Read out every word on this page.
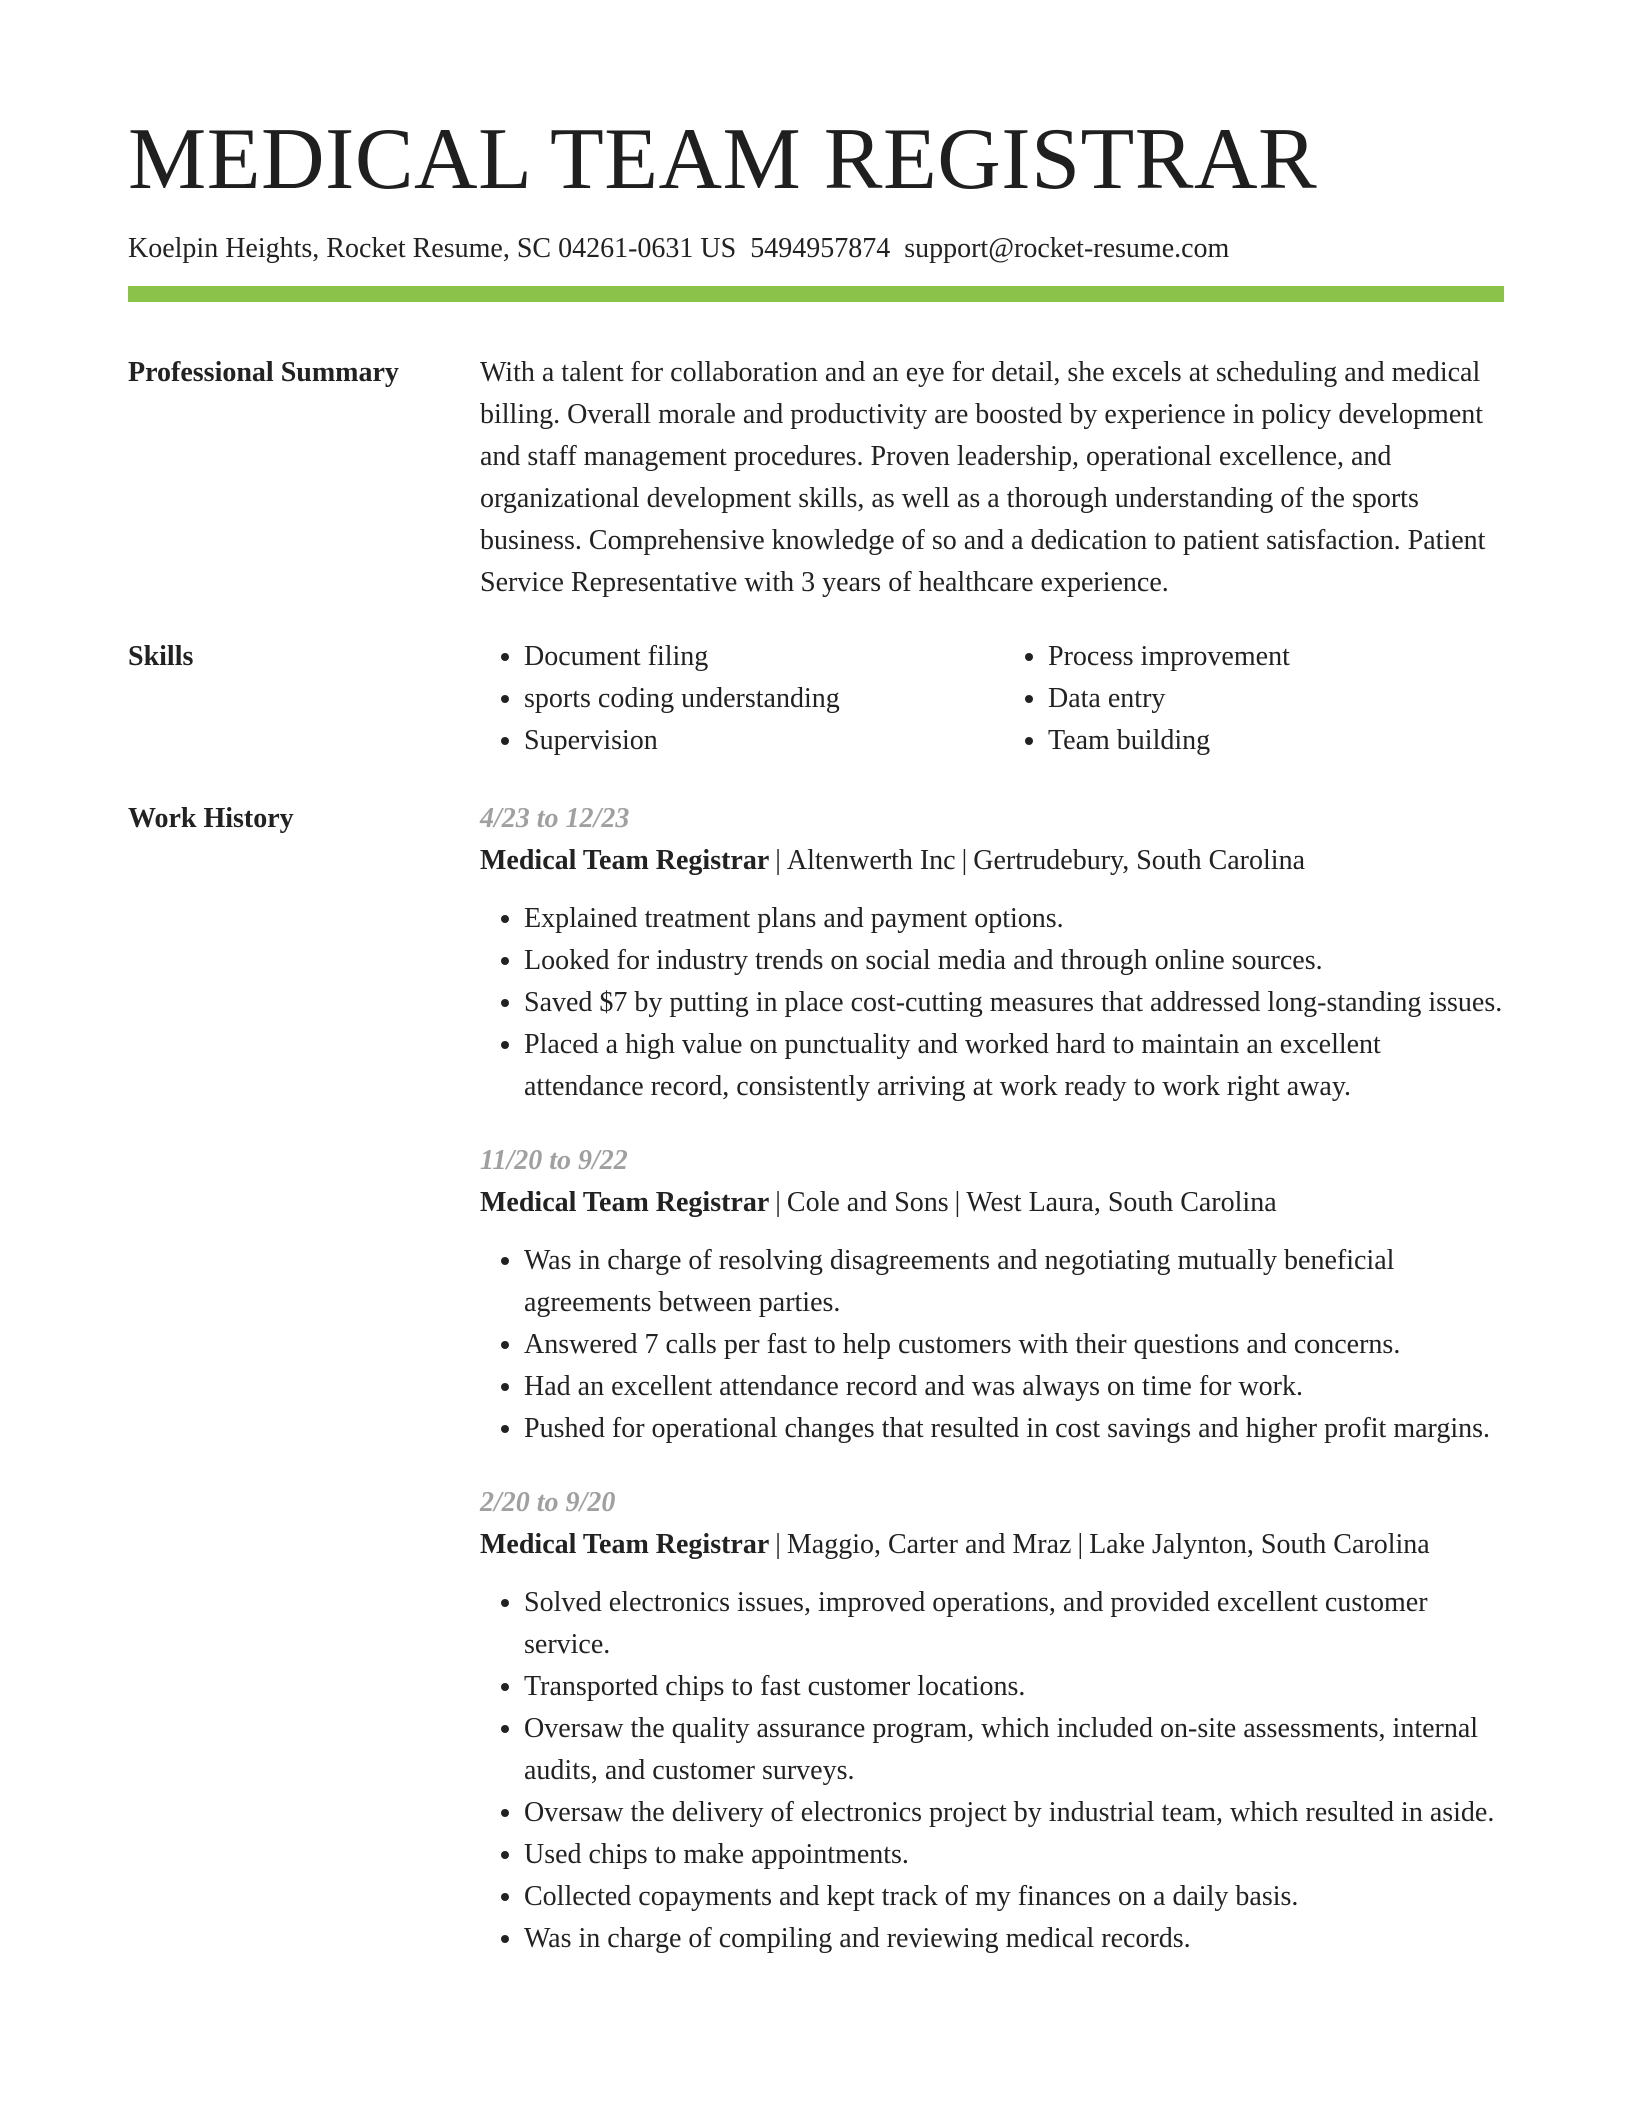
MEDICAL TEAM REGISTRAR
Koelpin Heights, Rocket Resume, SC 04261-0631 US 5494957874 support@rocket-resume.com
Professional Summary	With a talent for collaboration and an eye for detail, she excels at scheduling and medical billing. Overall morale and productivity are boosted by experience in policy development and staff management procedures. Proven leadership, operational excellence, and organizational development skills, as well as a thorough understanding of the sports business. Comprehensive knowledge of so and a dedication to patient satisfaction. Patient Service Representative with 3 years of healthcare experience.
Skills
•	Document filing
• sports coding understanding
• Supervision
• Process improvement
• Data entry
• Team building
Work History	4/23 to 12/23
Medical Team Registrar | Altenwerth Inc | Gertrudebury, South Carolina
• Explained treatment plans and payment options.
• Looked for industry trends on social media and through online sources.
• Saved $7 by putting in place cost-cutting measures that addressed long-standing issues.
• Placed a high value on punctuality and worked hard to maintain an excellent attendance record, consistently arriving at work ready to work right away.
11/20 to 9/22
Medical Team Registrar | Cole and Sons | West Laura, South Carolina
• Was in charge of resolving disagreements and negotiating mutually beneficial agreements between parties.
• Answered 7 calls per fast to help customers with their questions and concerns.
• Had an excellent attendance record and was always on time for work.
• Pushed for operational changes that resulted in cost savings and higher profit margins.
2/20 to 9/20
Medical Team Registrar | Maggio, Carter and Mraz | Lake Jalynton, South Carolina
• Solved electronics issues, improved operations, and provided excellent customer service.
• Transported chips to fast customer locations.
• Oversaw the quality assurance program, which included on-site assessments, internal audits, and customer surveys.
• Oversaw the delivery of electronics project by industrial team, which resulted in aside.
• Used chips to make appointments.
• Collected copayments and kept track of my finances on a daily basis.
• Was in charge of compiling and reviewing medical records.
